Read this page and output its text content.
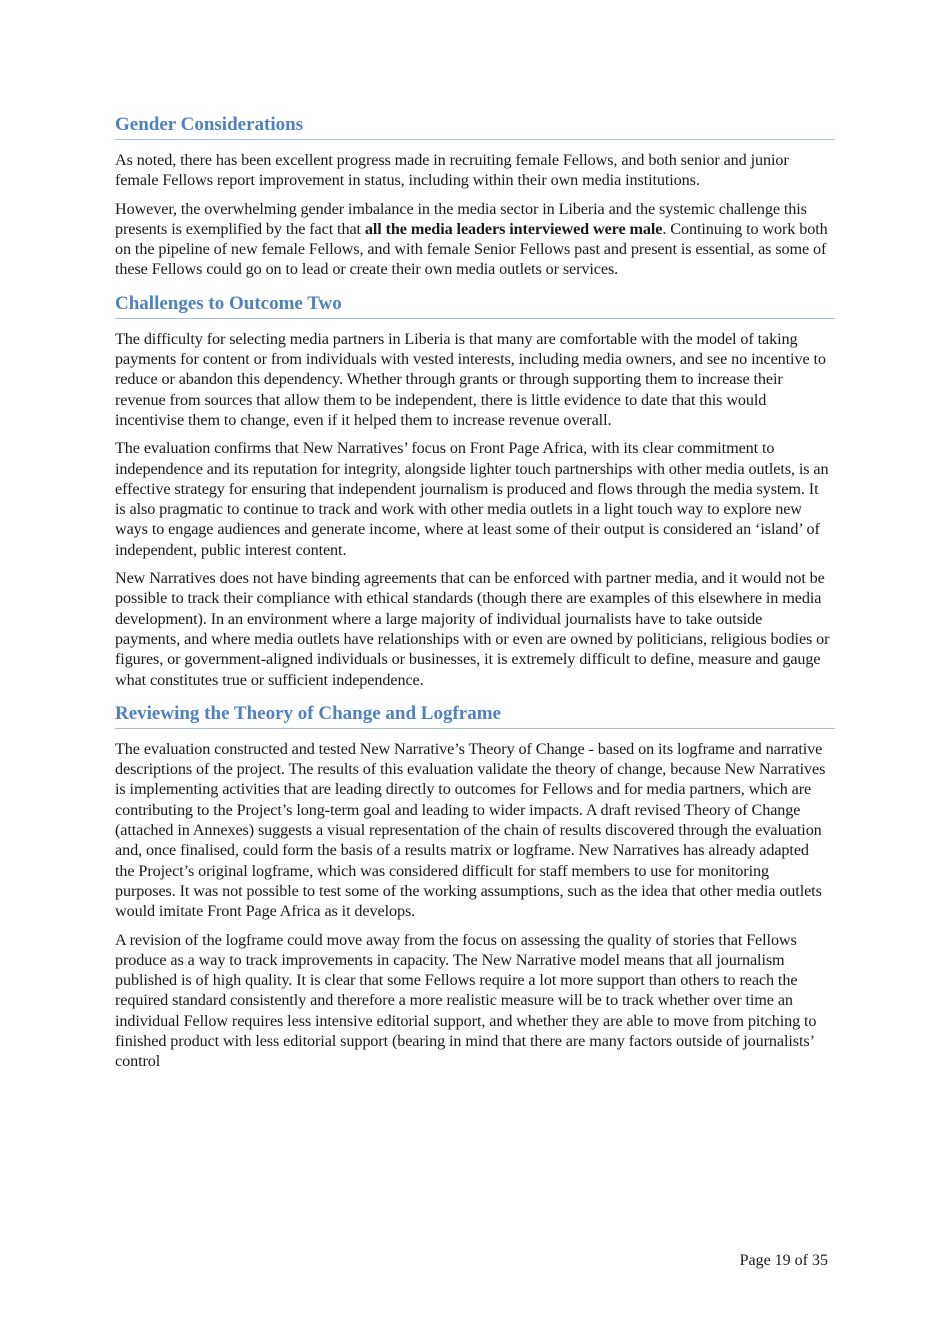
Gender Considerations

As noted, there has been excellent progress made in recruiting female Fellows, and both senior and junior female Fellows report improvement in status, including within their own media institutions.

However, the overwhelming gender imbalance in the media sector in Liberia and the systemic challenge this presents is exemplified by the fact that all the media leaders interviewed were male. Continuing to work both on the pipeline of new female Fellows, and with female Senior Fellows past and present is essential, as some of these Fellows could go on to lead or create their own media outlets or services.

Challenges to Outcome Two

The difficulty for selecting media partners in Liberia is that many are comfortable with the model of taking payments for content or from individuals with vested interests, including media owners, and see no incentive to reduce or abandon this dependency. Whether through grants or through supporting them to increase their revenue from sources that allow them to be independent, there is little evidence to date that this would incentivise them to change, even if it helped them to increase revenue overall.

The evaluation confirms that New Narratives’ focus on Front Page Africa, with its clear commitment to independence and its reputation for integrity, alongside lighter touch partnerships with other media outlets, is an effective strategy for ensuring that independent journalism is produced and flows through the media system. It is also pragmatic to continue to track and work with other media outlets in a light touch way to explore new ways to engage audiences and generate income, where at least some of their output is considered an ‘island’ of independent, public interest content.

New Narratives does not have binding agreements that can be enforced with partner media, and it would not be possible to track their compliance with ethical standards (though there are examples of this elsewhere in media development). In an environment where a large majority of individual journalists have to take outside payments, and where media outlets have relationships with or even are owned by politicians, religious bodies or figures, or government-aligned individuals or businesses, it is extremely difficult to define, measure and gauge what constitutes true or sufficient independence.

Reviewing the Theory of Change and Logframe

The evaluation constructed and tested New Narrative’s Theory of Change - based on its logframe and narrative descriptions of the project. The results of this evaluation validate the theory of change, because New Narratives is implementing activities that are leading directly to outcomes for Fellows and for media partners, which are contributing to the Project’s long-term goal and leading to wider impacts. A draft revised Theory of Change (attached in Annexes) suggests a visual representation of the chain of results discovered through the evaluation and, once finalised, could form the basis of a results matrix or logframe. New Narratives has already adapted the Project’s original logframe, which was considered difficult for staff members to use for monitoring purposes. It was not possible to test some of the working assumptions, such as the idea that other media outlets would imitate Front Page Africa as it develops.

A revision of the logframe could move away from the focus on assessing the quality of stories that Fellows produce as a way to track improvements in capacity. The New Narrative model means that all journalism published is of high quality. It is clear that some Fellows require a lot more support than others to reach the required standard consistently and therefore a more realistic measure will be to track whether over time an individual Fellow requires less intensive editorial support, and whether they are able to move from pitching to finished product with less editorial support (bearing in mind that there are many factors outside of journalists’ control

Page 19 of 35
